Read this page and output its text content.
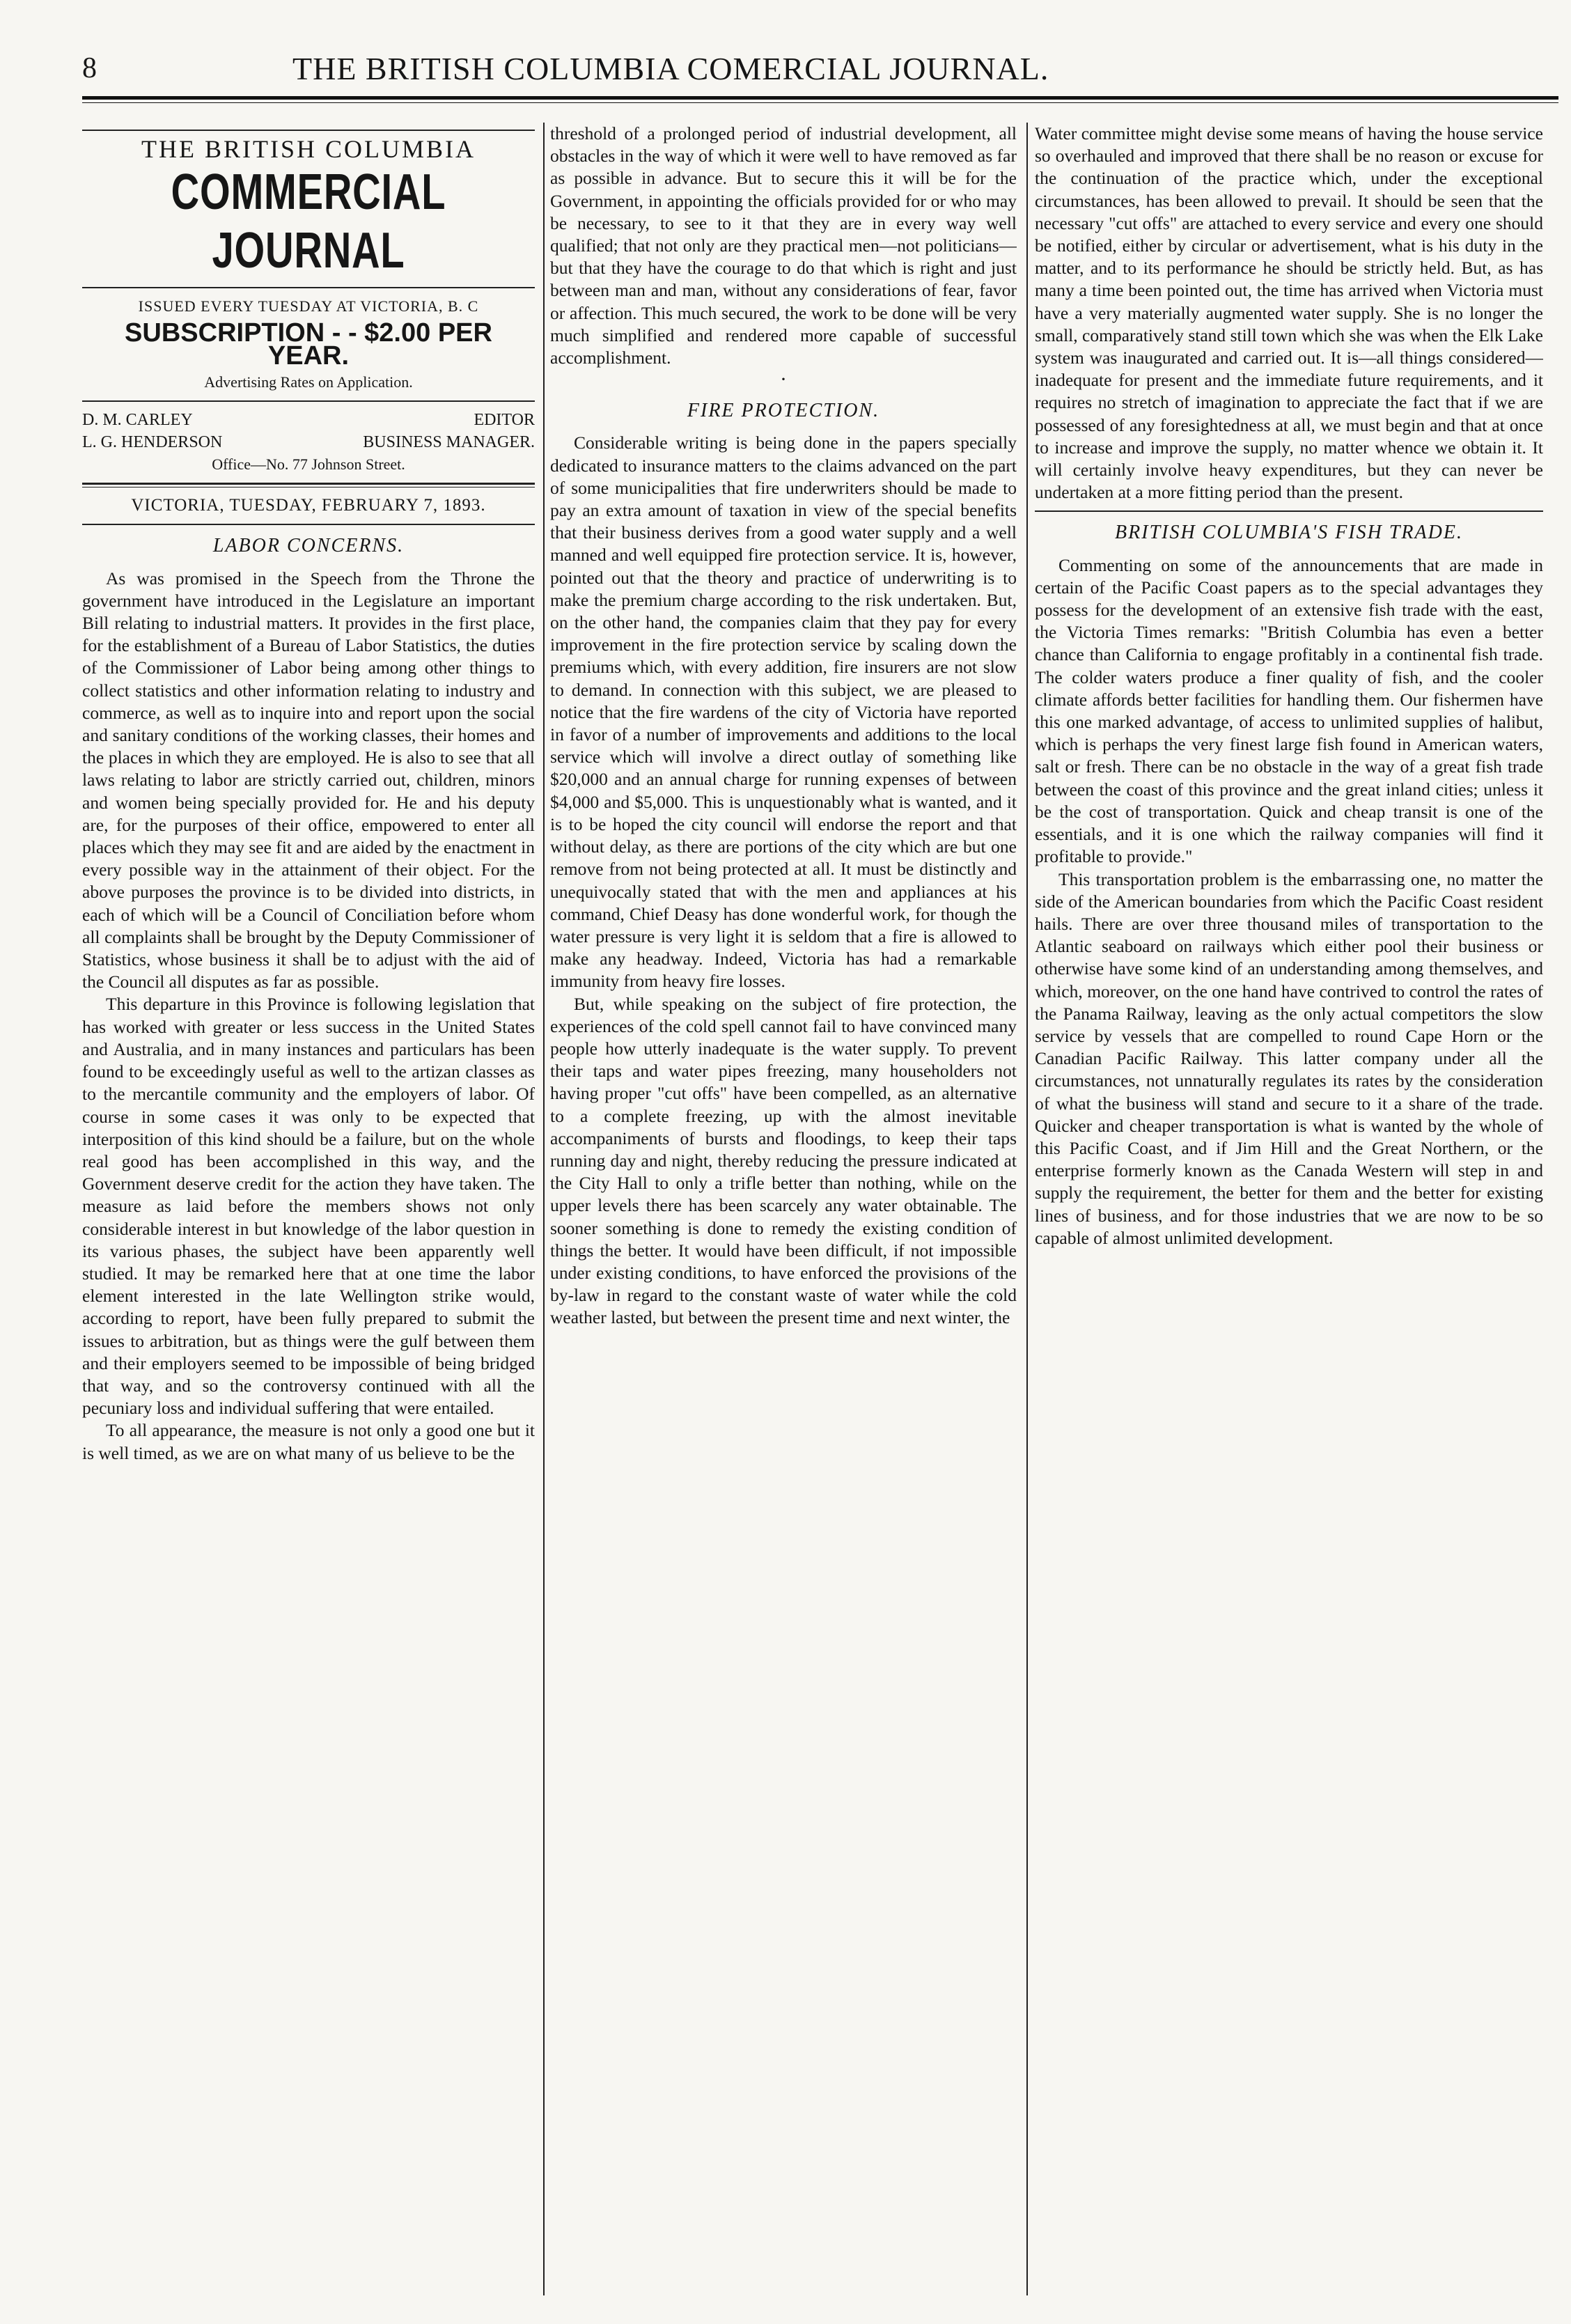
8	THE BRITISH COLUMBIA COMERCIAL JOURNAL.
THE BRITISH COLUMBIA
COMMERCIAL JOURNAL
ISSUED EVERY TUESDAY AT VICTORIA, B. C
SUBSCRIPTION - - $2.00 PER YEAR.
Advertising Rates on Application.
D. M. CARLEY	EDITOR
L. G. HENDERSON	BUSINESS MANAGER.
Office—No. 77 Johnson Street.
VICTORIA, TUESDAY, FEBRUARY 7, 1893.
LABOR CONCERNS.

As was promised in the Speech from the Throne the government have introduced in the Legislature an important Bill relating to industrial matters. It provides in the first place, for the establishment of a Bureau of Labor Statistics, the duties of the Commissioner of Labor being among other things to collect statistics and other information relating to industry and commerce, as well as to inquire into and report upon the social and sanitary conditions of the working classes, their homes and the places in which they are employed. He is also to see that all laws relating to labor are strictly carried out, children, minors and women being specially provided for. He and his deputy are, for the purposes of their office, empowered to enter all places which they may see fit and are aided by the enactment in every possible way in the attainment of their object. For the above purposes the province is to be divided into districts, in each of which will be a Council of Conciliation before whom all complaints shall be brought by the Deputy Commissioner of Statistics, whose business it shall be to adjust with the aid of the Council all disputes as far as possible.

This departure in this Province is following legislation that has worked with greater or less success in the United States and Australia, and in many instances and particulars has been found to be exceedingly useful as well to the artizan classes as to the mercantile community and the employers of labor. Of course in some cases it was only to be expected that interposition of this kind should be a failure, but on the whole real good has been accomplished in this way, and the Government deserve credit for the action they have taken. The measure as laid before the members shows not only considerable interest in but knowledge of the labor question in its various phases, the subject have been apparently well studied. It may be remarked here that at one time the labor element interested in the late Wellington strike would, according to report, have been fully prepared to submit the issues to arbitration, but as things were the gulf between them and their employers seemed to be impossible of being bridged that way, and so the controversy continued with all the pecuniary loss and individual suffering that were entailed.

To all appearance, the measure is not only a good one but it is well timed, as we are on what many of us believe to be the

threshold of a prolonged period of industrial development, all obstacles in the way of which it were well to have removed as far as possible in advance. But to secure this it will be for the Government, in appointing the officials provided for or who may be necessary, to see to it that they are in every way well qualified; that not only are they practical men—not politicians—but that they have the courage to do that which is right and just between man and man, without any considerations of fear, favor or affection. This much secured, the work to be done will be very much simplified and rendered more capable of successful accomplishment.

·
FIRE PROTECTION.

Considerable writing is being done in the papers specially dedicated to insurance matters to the claims advanced on the part of some municipalities that fire underwriters should be made to pay an extra amount of taxation in view of the special benefits that their business derives from a good water supply and a well manned and well equipped fire protection service. It is, however, pointed out that the theory and practice of underwriting is to make the premium charge according to the risk undertaken. But, on the other hand, the companies claim that they pay for every improvement in the fire protection service by scaling down the premiums which, with every addition, fire insurers are not slow to demand. In connection with this subject, we are pleased to notice that the fire wardens of the city of Victoria have reported in favor of a number of improvements and additions to the local service which will involve a direct outlay of something like $20,000 and an annual charge for running expenses of between $4,000 and $5,000. This is unquestionably what is wanted, and it is to be hoped the city council will endorse the report and that without delay, as there are portions of the city which are but one remove from not being protected at all. It must be distinctly and unequivocally stated that with the men and appliances at his command, Chief Deasy has done wonderful work, for though the water pressure is very light it is seldom that a fire is allowed to make any headway. Indeed, Victoria has had a remarkable immunity from heavy fire losses.

But, while speaking on the subject of fire protection, the experiences of the cold spell cannot fail to have convinced many people how utterly inadequate is the water supply. To prevent their taps and water pipes freezing, many householders not having proper "cut offs" have been compelled, as an alternative to a complete freezing, up with the almost inevitable accompaniments of bursts and floodings, to keep their taps running day and night, thereby reducing the pressure indicated at the City Hall to only a trifle better than nothing, while on the upper levels there has been scarcely any water obtainable. The sooner something is done to remedy the existing condition of things the better. It would have been difficult, if not impossible under existing conditions, to have enforced the provisions of the by-law in regard to the constant waste of water while the cold weather lasted, but between the present time and next winter, the

Water committee might devise some means of having the house service so overhauled and improved that there shall be no reason or excuse for the continuation of the practice which, under the exceptional circumstances, has been allowed to prevail. It should be seen that the necessary "cut offs" are attached to every service and every one should be notified, either by circular or advertisement, what is his duty in the matter, and to its performance he should be strictly held. But, as has many a time been pointed out, the time has arrived when Victoria must have a very materially augmented water supply. She is no longer the small, comparatively stand still town which she was when the Elk Lake system was inaugurated and carried out. It is—all things considered—inadequate for present and the immediate future requirements, and it requires no stretch of imagination to appreciate the fact that if we are possessed of any foresightedness at all, we must begin and that at once to increase and improve the supply, no matter whence we obtain it. It will certainly involve heavy expenditures, but they can never be undertaken at a more fitting period than the present.

BRITISH COLUMBIA'S FISH TRADE.

Commenting on some of the announcements that are made in certain of the Pacific Coast papers as to the special advantages they possess for the development of an extensive fish trade with the east, the Victoria Times remarks: "British Columbia has even a better chance than California to engage profitably in a continental fish trade. The colder waters produce a finer quality of fish, and the cooler climate affords better facilities for handling them. Our fishermen have this one marked advantage, of access to unlimited supplies of halibut, which is perhaps the very finest large fish found in American waters, salt or fresh. There can be no obstacle in the way of a great fish trade between the coast of this province and the great inland cities; unless it be the cost of transportation. Quick and cheap transit is one of the essentials, and it is one which the railway companies will find it profitable to provide."

This transportation problem is the embarrassing one, no matter the side of the American boundaries from which the Pacific Coast resident hails. There are over three thousand miles of transportation to the Atlantic seaboard on railways which either pool their business or otherwise have some kind of an understanding among themselves, and which, moreover, on the one hand have contrived to control the rates of the Panama Railway, leaving as the only actual competitors the slow service by vessels that are compelled to round Cape Horn or the Canadian Pacific Railway. This latter company under all the circumstances, not unnaturally regulates its rates by the consideration of what the business will stand and secure to it a share of the trade. Quicker and cheaper transportation is what is wanted by the whole of this Pacific Coast, and if Jim Hill and the Great Northern, or the enterprise formerly known as the Canada Western will step in and supply the requirement, the better for them and the better for existing lines of business, and for those industries that we are now to be so capable of almost unlimited development.
